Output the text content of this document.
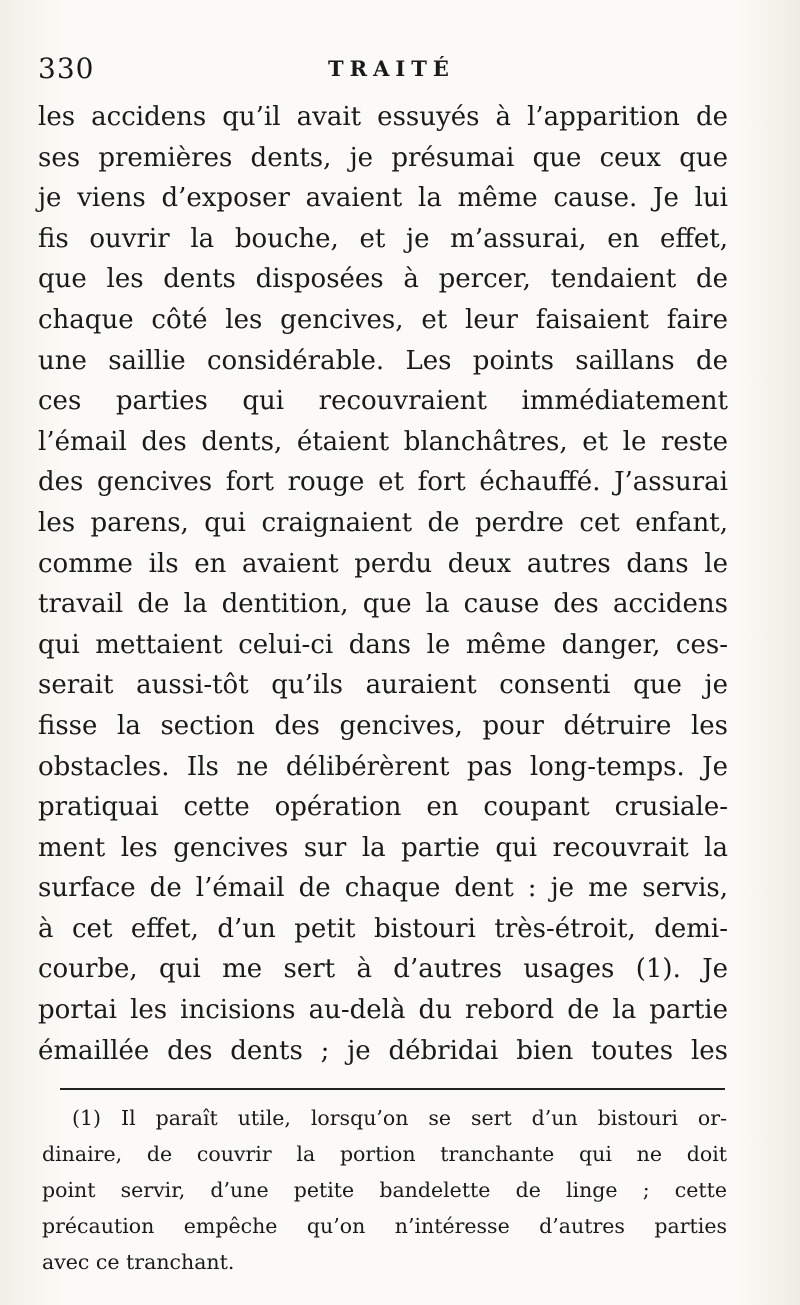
330	TRAITÉ
les accidens qu’il avait essuyés à l’apparition de
ses premières dents, je présumai que ceux que
je viens d’exposer avaient la même cause. Je lui
fis ouvrir la bouche, et je m’assurai, en effet,
que les dents disposées à percer, tendaient de
chaque côté les gencives, et leur faisaient faire
une saillie considérable. Les points saillans de
ces parties qui recouvraient immédiatement
l’émail des dents, étaient blanchâtres, et le reste
des gencives fort rouge et fort échauffé. J’assurai
les parens, qui craignaient de perdre cet enfant,
comme ils en avaient perdu deux autres dans le
travail de la dentition, que la cause des accidens
qui mettaient celui-ci dans le même danger, ces-
serait aussi-tôt qu’ils auraient consenti que je
fisse la section des gencives, pour détruire les
obstacles. Ils ne délibérèrent pas long-temps. Je
pratiquai cette opération en coupant crusiale-
ment les gencives sur la partie qui recouvrait la
surface de l’émail de chaque dent : je me servis,
à cet effet, d’un petit bistouri très-étroit, demi-
courbe, qui me sert à d’autres usages (1). Je
portai les incisions au-delà du rebord de la partie
émaillée des dents ; je débridai bien toutes les
(1) Il paraît utile, lorsqu’on se sert d’un bistouri or-
dinaire, de couvrir la portion tranchante qui ne doit
point servir, d’une petite bandelette de linge ; cette
précaution empêche qu’on n’intéresse d’autres parties
avec ce tranchant.
